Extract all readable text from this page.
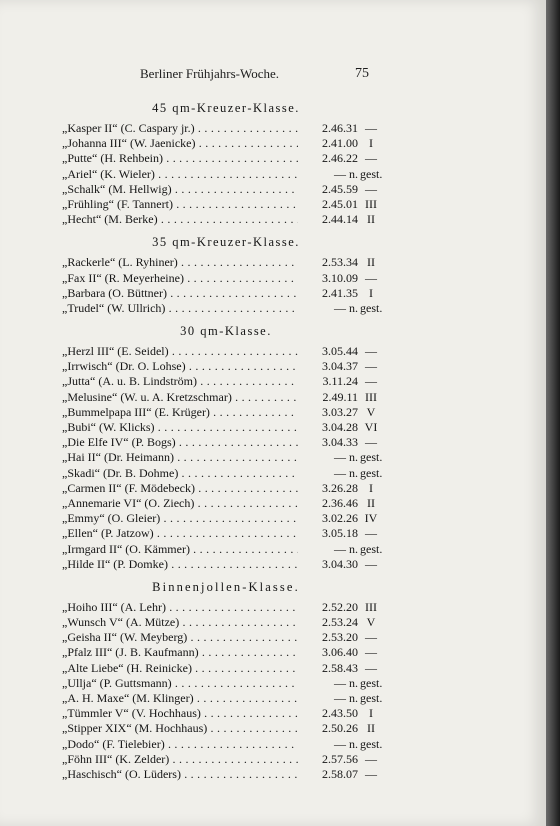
Berliner Frühjahrs-Woche.	75
45 qm-Kreuzer-Klasse.
„Kasper II“ (C. Caspary jr.) . . .	2.46.31 —
„Johanna III“ (W. Jaenicke) . . .	2.41.00 I
„Putte“ (H. Rehbein) . . .	2.46.22 —
„Ariel“ (K. Wieler) . . .	— n. gest.
„Schalk“ (M. Hellwig) . . .	2.45.59 —
„Frühling“ (F. Tannert) . . .	2.45.01 III
„Hecht“ (M. Berke) . . .	2.44.14 II
35 qm-Kreuzer-Klasse.
„Rackerle“ (L. Ryhiner) . . .	2.53.34 II
„Fax II“ (R. Meyerheine) . . .	3.10.09 —
„Barbara (O. Büttner) . . .	2.41.35 I
„Trudel“ (W. Ullrich) . . .	— n. gest.
30 qm-Klasse.
„Herzl III“ (E. Seidel) . . .	3.05.44 —
„Irrwisch“ (Dr. O. Lohse) . . .	3.04.37 —
„Jutta“ (A. u. B. Lindström) . . .	3.11.24 —
„Melusine“ (W. u. A. Kretzschmar) . . .	2.49.11 III
„Bummelpapa III“ (E. Krüger) . . .	3.03.27 V
„Bubi“ (W. Klicks) . . .	3.04.28 VI
„Die Elfe IV“ (P. Bogs) . . .	3.04.33 —
„Hai II“ (Dr. Heimann) . . .	— n. gest.
„Skadi“ (Dr. B. Dohme) . . .	— n. gest.
„Carmen II“ (F. Mödebeck) . . .	3.26.28 I
„Annemarie VI“ (O. Ziech) . . .	2.36.46 II
„Emmy“ (O. Gleier) . . .	3.02.26 IV
„Ellen“ (P. Jatzow) . . .	3.05.18 —
„Irmgard II“ (O. Kämmer) . . .	— n. gest.
„Hilde II“ (P. Domke) . . .	3.04.30 —
Binnenjollen-Klasse.
„Hoiho III“ (A. Lehr) . . .	2.52.20 III
„Wunsch V“ (A. Mütze) . . .	2.53.24 V
„Geisha II“ (W. Meyberg) . . .	2.53.20 —
„Pfalz III“ (J. B. Kaufmann) . . .	3.06.40 —
„Alte Liebe“ (H. Reinicke) . . .	2.58.43 —
„Ullja“ (P. Guttsmann) . . .	— n. gest.
„A. H. Maxe“ (M. Klinger) . . .	— n. gest.
„Tümmler V“ (V. Hochhaus) . . .	2.43.50 I
„Stipper XIX“ (M. Hochhaus) . . .	2.50.26 II
„Dodo“ (F. Tielebier) . . .	— n. gest.
„Föhn III“ (K. Zelder) . . .	2.57.56 —
„Haschisch“ (O. Lüders) . . .	2.58.07 —
